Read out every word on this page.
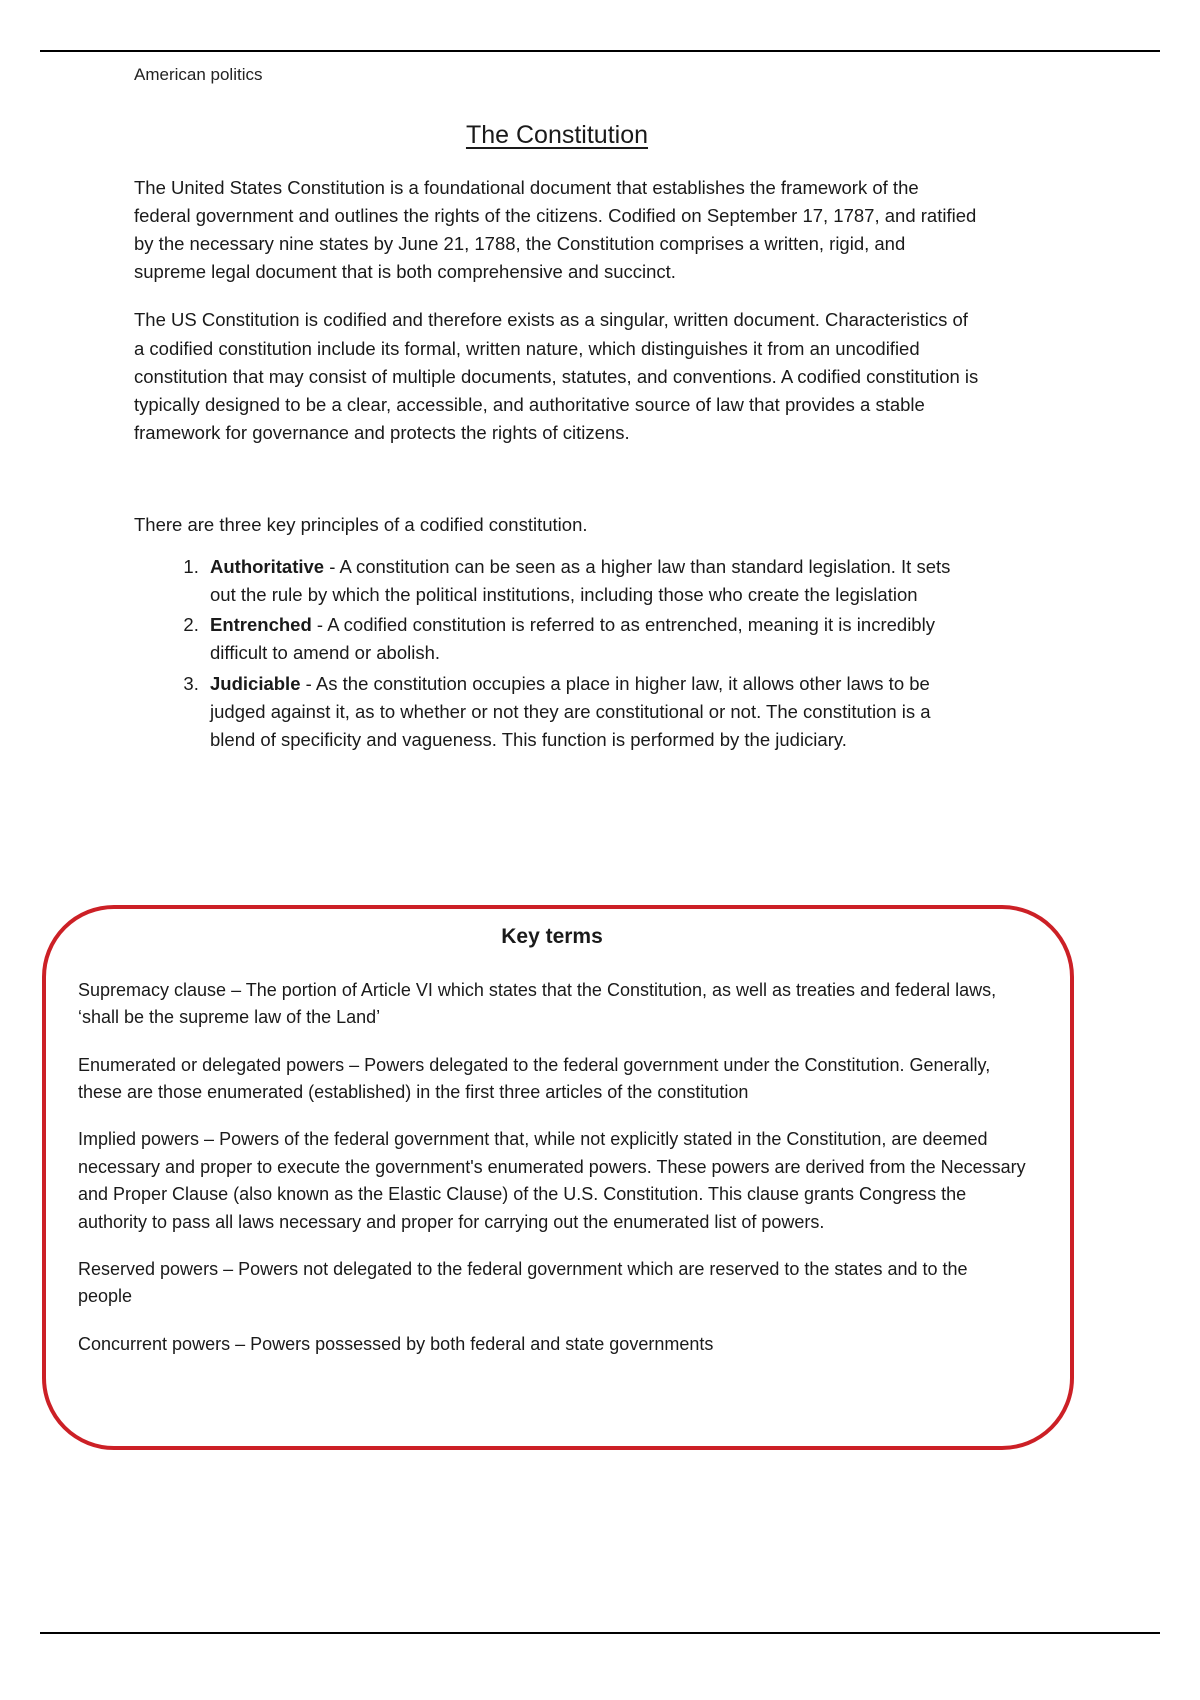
American politics
The Constitution

The United States Constitution is a foundational document that establishes the framework of the federal government and outlines the rights of the citizens. Codified on September 17, 1787, and ratified by the necessary nine states by June 21, 1788, the Constitution comprises a written, rigid, and supreme legal document that is both comprehensive and succinct.

The US Constitution is codified and therefore exists as a singular, written document. Characteristics of a codified constitution include its formal, written nature, which distinguishes it from an uncodified constitution that may consist of multiple documents, statutes, and conventions. A codified constitution is typically designed to be a clear, accessible, and authoritative source of law that provides a stable framework for governance and protects the rights of citizens.

There are three key principles of a codified constitution.

1. Authoritative - A constitution can be seen as a higher law than standard legislation. It sets out the rule by which the political institutions, including those who create the legislation
2. Entrenched - A codified constitution is referred to as entrenched, meaning it is incredibly difficult to amend or abolish.
3. Judiciable - As the constitution occupies a place in higher law, it allows other laws to be judged against it, as to whether or not they are constitutional or not. The constitution is a blend of specificity and vagueness. This function is performed by the judiciary.
Key terms

Supremacy clause – The portion of Article VI which states that the Constitution, as well as treaties and federal laws, ‘shall be the supreme law of the Land’

Enumerated or delegated powers – Powers delegated to the federal government under the Constitution. Generally, these are those enumerated (established) in the first three articles of the constitution

Implied powers – Powers of the federal government that, while not explicitly stated in the Constitution, are deemed necessary and proper to execute the government's enumerated powers. These powers are derived from the Necessary and Proper Clause (also known as the Elastic Clause) of the U.S. Constitution. This clause grants Congress the authority to pass all laws necessary and proper for carrying out the enumerated list of powers.

Reserved powers – Powers not delegated to the federal government which are reserved to the states and to the people

Concurrent powers – Powers possessed by both federal and state governments
